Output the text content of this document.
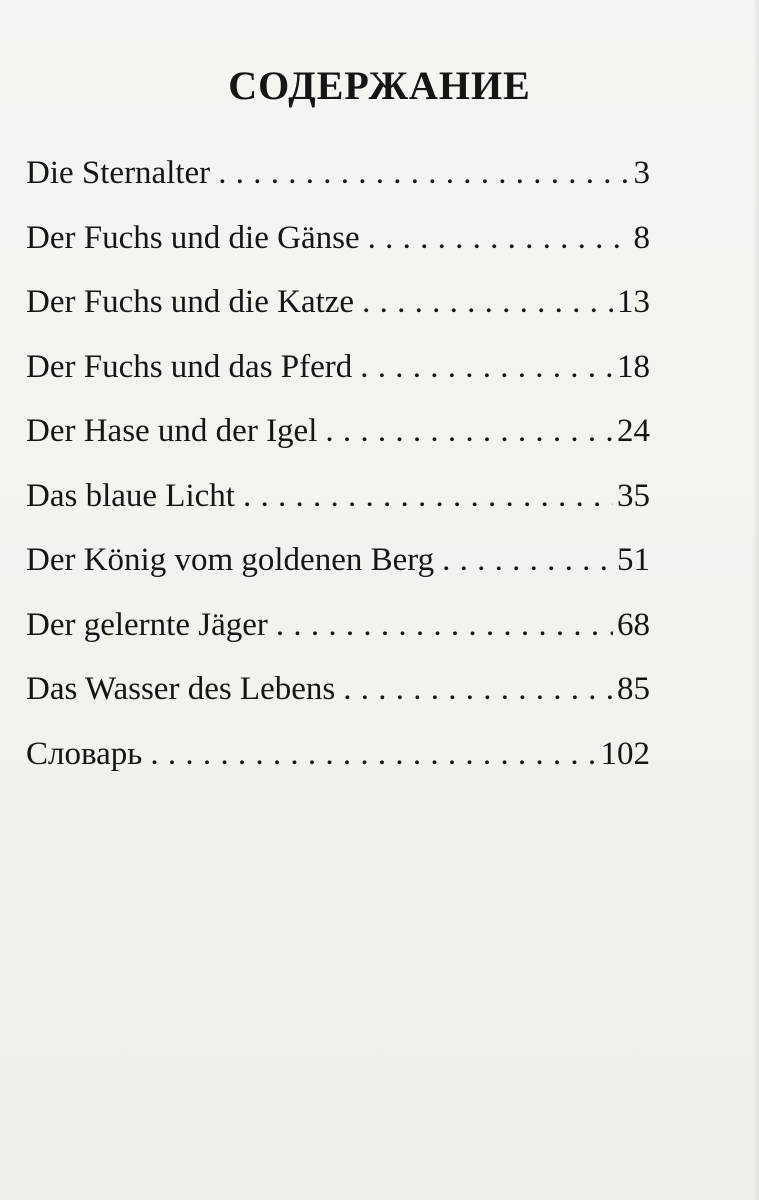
СОДЕРЖАНИЕ
Die Sternalter . . .	3
Der Fuchs und die Gänse . . .	8
Der Fuchs und die Katze . . .	13
Der Fuchs und das Pferd . . .	18
Der Hase und der Igel . . .	24
Das blaue Licht . . .	35
Der König vom goldenen Berg . . .	51
Der gelernte Jäger . . .	68
Das Wasser des Lebens . . .	85
Словарь . . .	102
